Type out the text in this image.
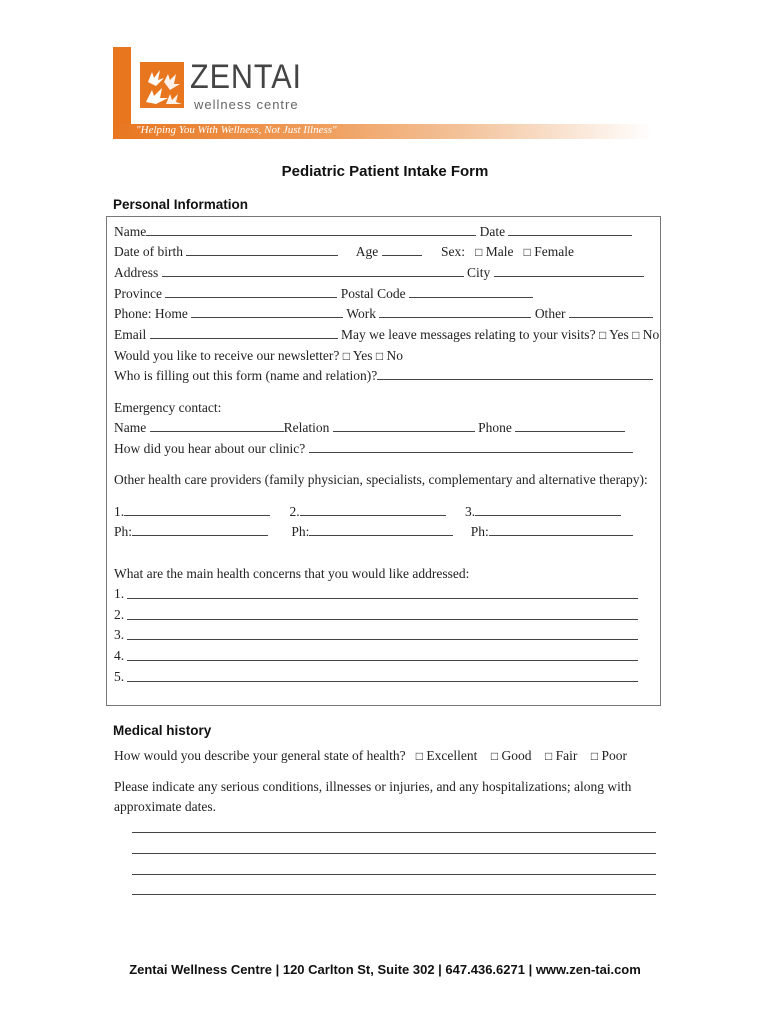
ZENTAI
wellness centre
"Helping You With Wellness, Not Just Illness"
Pediatric Patient Intake Form
Personal Information
Name	Date
Date of birth	Age	Sex: □ Male □ Female
Address	City
Province	Postal Code
Phone: Home	Work	Other
Email	May we leave messages relating to your visits? □ Yes □ No
Would you like to receive our newsletter? □ Yes □ No
Who is filling out this form (name and relation)?
Emergency contact:
Name	Relation	Phone
How did you hear about our clinic?
Other health care providers (family physician, specialists, complementary and alternative therapy):
1.	2.	3.
Ph:	Ph:	Ph:
What are the main health concerns that you would like addressed:
1.
2.
3.
4.
5.
Medical history
How would you describe your general state of health? □ Excellent □ Good □ Fair □ Poor
Please indicate any serious conditions, illnesses or injuries, and any hospitalizations; along with
approximate dates.
Zentai Wellness Centre | 120 Carlton St, Suite 302 | 647.436.6271 | www.zen-tai.com
